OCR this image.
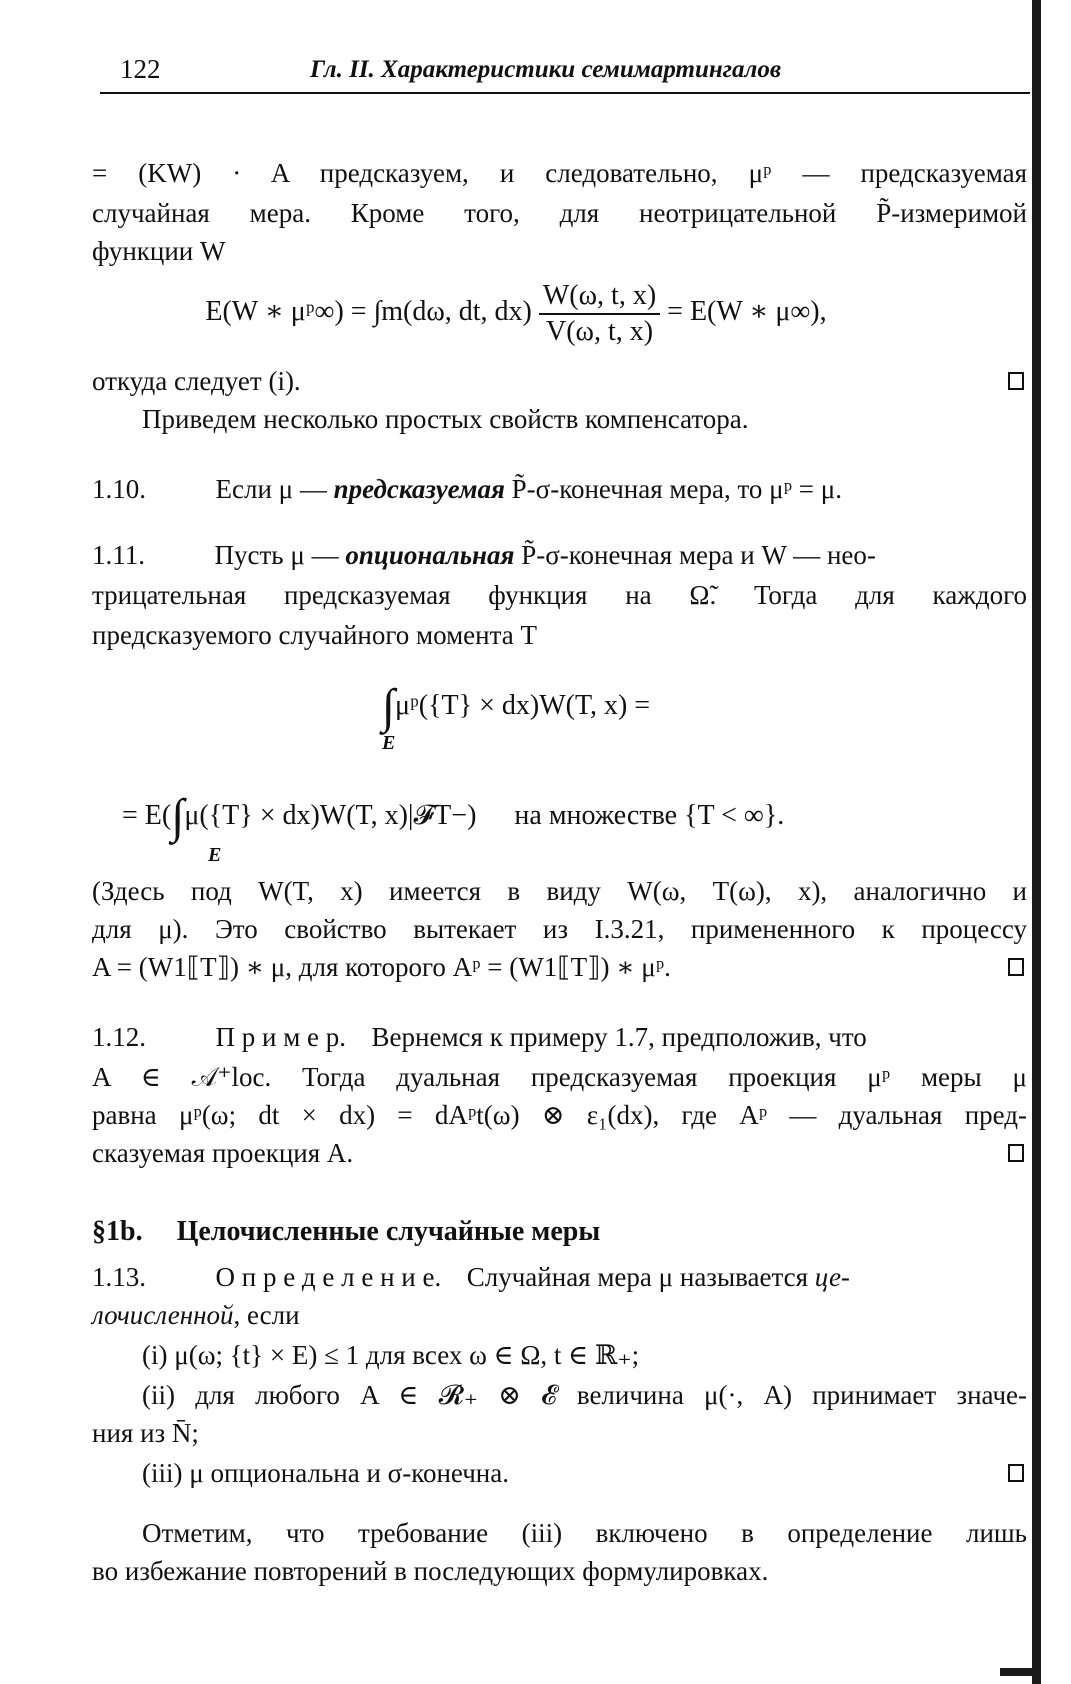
122	Гл. II. Характеристики семимартингалов
= (KW) · A предсказуем, и следовательно, μᵖ — предсказуемая
случайная мера. Кроме того, для неотрицательной P̃-измеримой
функции W
E(W ∗ μᵖ∞) = ∫m(dω, dt, $dx) \frac{W(\omega, t, x)}{V(\omega, t, x)} = E(W$ ∗ μ∞),
откуда следует (i).
Приведем несколько простых свойств компенсатора.
1.10.	Если μ — предсказуемая P̃-σ-конечная мера, то μᵖ = μ.
1.11.	Пусть μ — опциональная P̃-σ-конечная мера и W — нео-
трицательная предсказуемая функция на Ω̃. Тогда для каждого
предсказуемого случайного момента T
∫μᵖ({T} × dx)W(T, x) =
E
= E(∫μ({T} × dx)W(T, x)|𝓕T−) на множестве {T < ∞}.
E
(Здесь под W(T, x) имеется в виду W(ω, T(ω), x), аналогично и
для μ). Это свойство вытекает из I.3.21, примененного к процессу
A = (W1⟦T⟧) ∗ μ, для которого Aᵖ = (W1⟦T⟧) ∗ μᵖ.
1.12.	П р и м е р. Вернемся к примеру 1.7, предположив, что
A ∈ 𝒜⁺loc. Тогда дуальная предсказуемая проекция μᵖ меры μ
равна μᵖ(ω; dt × dx) = dAᵖt(ω) ⊗ ε₁(dx), где Aᵖ — дуальная пред-
сказуемая проекция A.
§1b. Целочисленные случайные меры
1.13.	О п р е д е л е н и е. Случайная мера μ называется це-
лочисленной, если
(i) μ(ω; {t} × E) ≤ 1 для всех ω ∈ Ω, t ∈ ℝ₊;
(ii) для любого A ∈ 𝓡₊ ⊗ 𝓔 величина μ(·, A) принимает значе-
ния из N̄;
(iii) μ опциональна и σ-конечна.
Отметим, что требование (iii) включено в определение лишь
во избежание повторений в последующих формулировках.
